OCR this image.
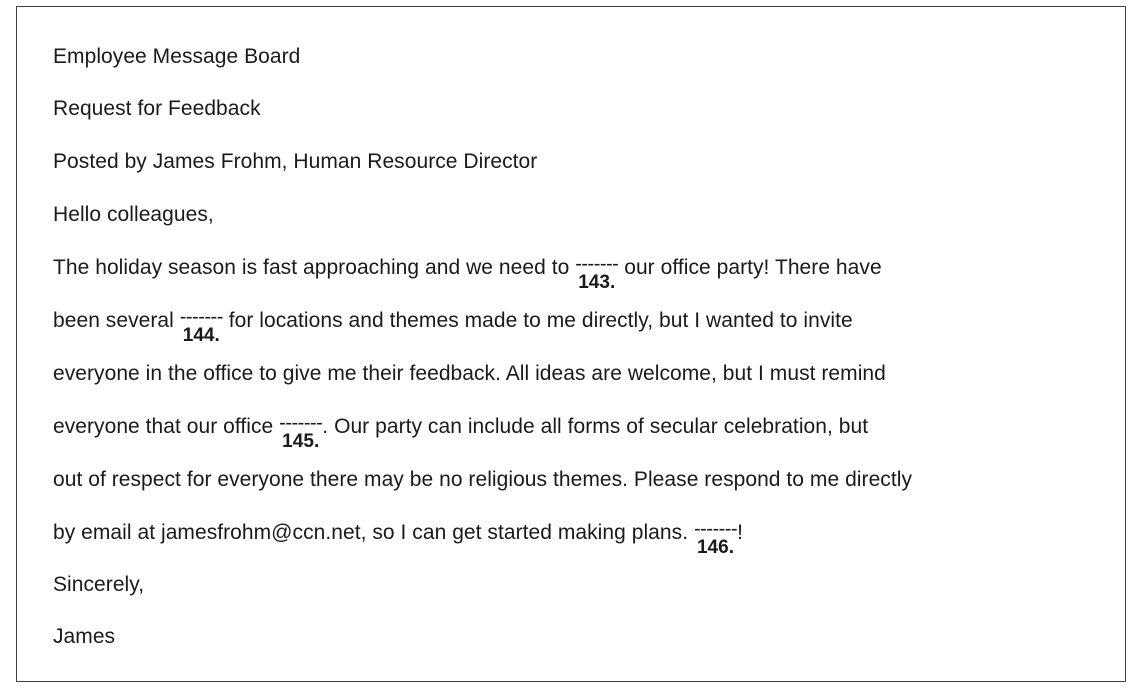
Employee Message Board
Request for Feedback
Posted by James Frohm, Human Resource Director
Hello colleagues,
The holiday season is fast approaching and we need to -------
143.
our office party! There have
been several -------
144.
for locations and themes made to me directly, but I wanted to invite
everyone in the office to give me their feedback. All ideas are welcome, but I must remind
everyone that our office -------
145.
. Our party can include all forms of secular celebration, but
out of respect for everyone there may be no religious themes. Please respond to me directly
by email at jamesfrohm@ccn.net, so I can get started making plans. -------
146.
!
Sincerely,
James
